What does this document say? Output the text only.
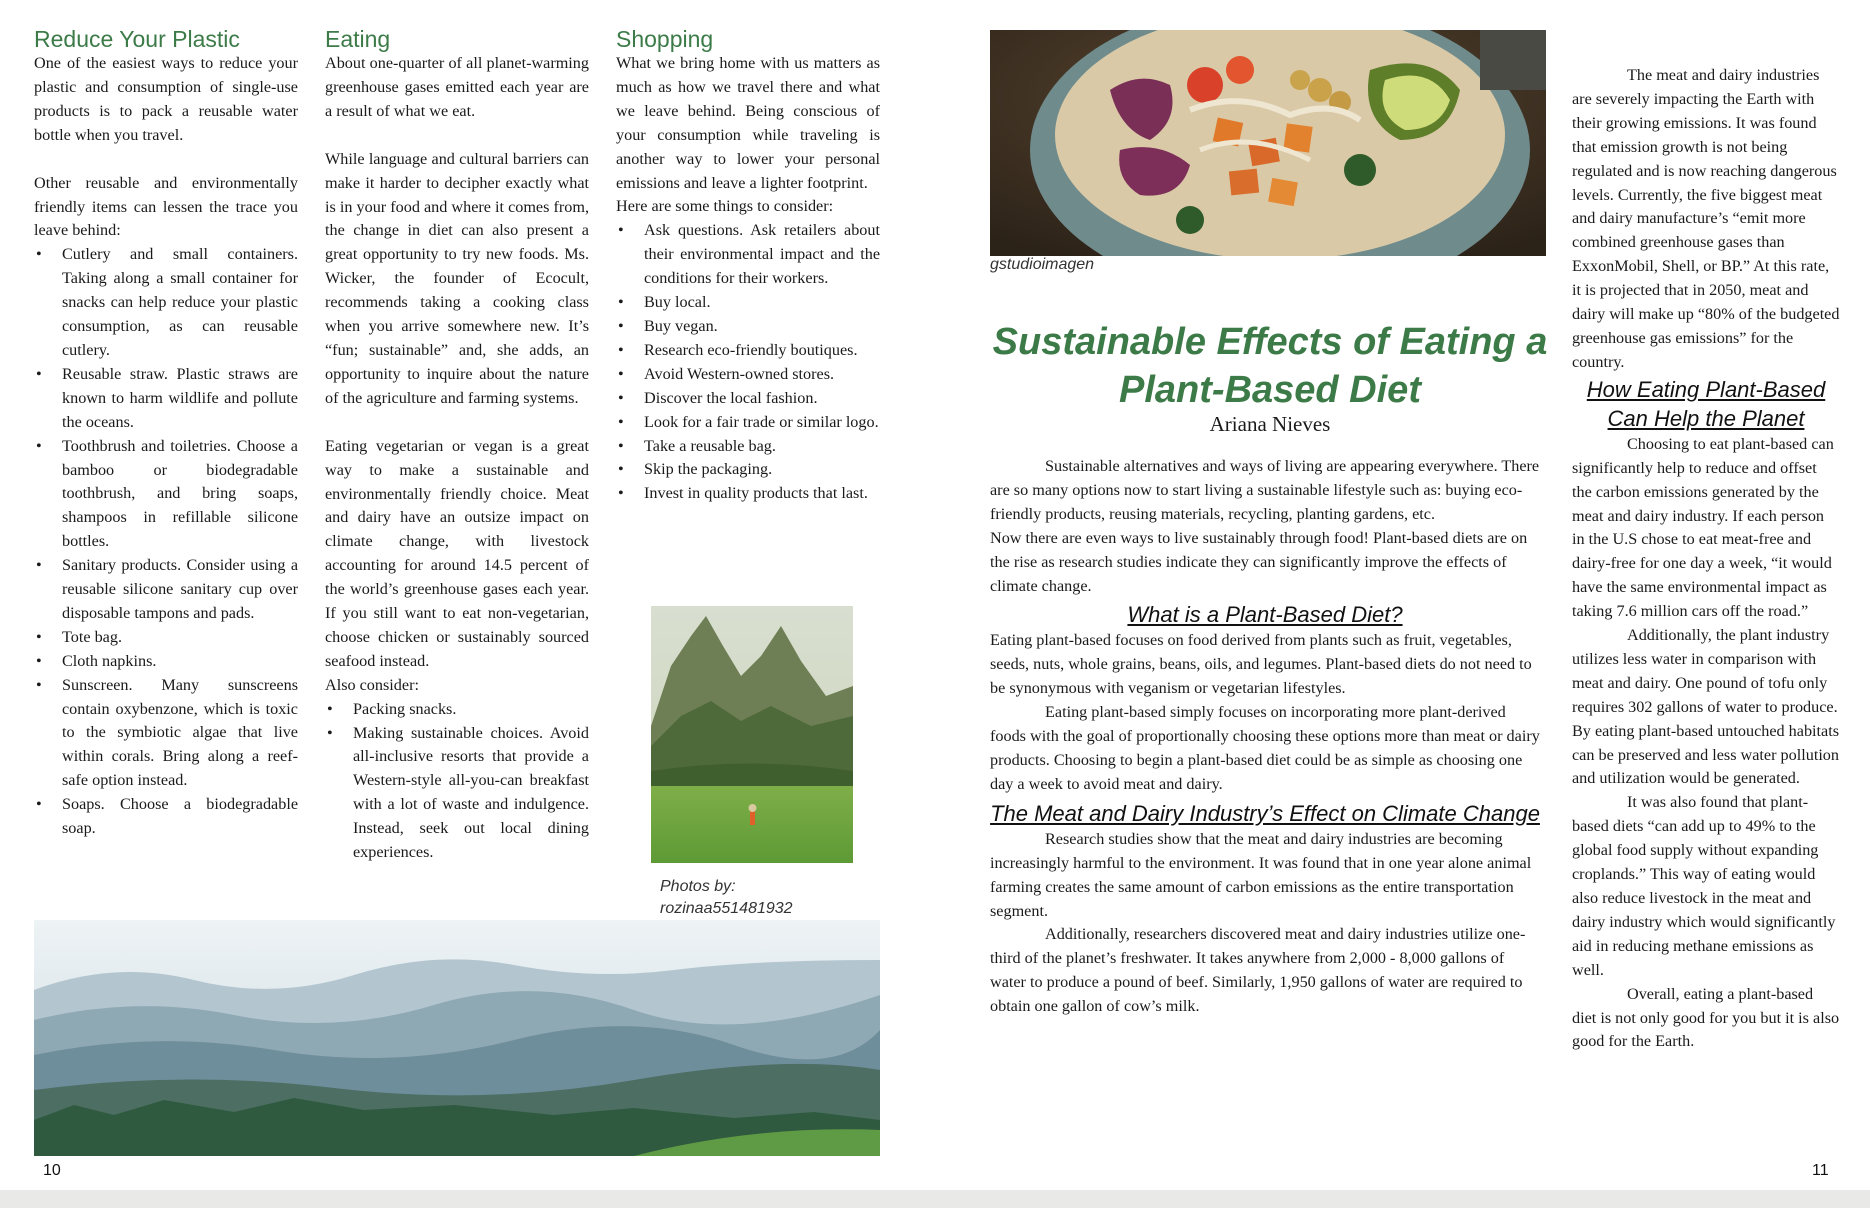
Reduce Your Plastic

One of the easiest ways to reduce your plastic and consumption of single-use products is to pack a reusable water bottle when you travel.

Other reusable and environmentally friendly items can lessen the trace you leave behind:

• Cutlery and small containers. Taking along a small container for snacks can help reduce your plastic consumption, as can reusable cutlery.
• Reusable straw. Plastic straws are known to harm wildlife and pollute the oceans.
• Toothbrush and toiletries. Choose a bamboo or biodegradable toothbrush, and bring soaps, shampoos in refillable silicone bottles.
• Sanitary products. Consider using a reusable silicone sanitary cup over disposable tampons and pads.
• Tote bag.
• Cloth napkins.
• Sunscreen. Many sunscreens contain oxybenzone, which is toxic to the symbiotic algae that live within corals. Bring along a reef-safe option instead.
• Soaps. Choose a biodegradable soap.
Eating

About one-quarter of all planet-warming greenhouse gases emitted each year are a result of what we eat.

While language and cultural barriers can make it harder to decipher exactly what is in your food and where it comes from, the change in diet can also present a great opportunity to try new foods. Ms. Wicker, the founder of Ecocult, recommends taking a cooking class when you arrive somewhere new. It’s “fun; sustainable” and, she adds, an opportunity to inquire about the nature of the agriculture and farming systems.

Eating vegetarian or vegan is a great way to make a sustainable and environmentally friendly choice. Meat and dairy have an outsize impact on climate change, with livestock accounting for around 14.5 percent of the world’s greenhouse gases each year. If you still want to eat non-vegetarian, choose chicken or sustainably sourced seafood instead.

Also consider:

• Packing snacks.
• Making sustainable choices. Avoid all-inclusive resorts that provide a Western-style all-you-can breakfast with a lot of waste and indulgence. Instead, seek out local dining experiences.
Shopping

What we bring home with us matters as much as how we travel there and what we leave behind. Being conscious of your consumption while traveling is another way to lower your personal emissions and leave a lighter footprint.

Here are some things to consider:

• Ask questions. Ask retailers about their environmental impact and the conditions for their workers.
• Buy local.
• Buy vegan.
• Research eco-friendly boutiques.
• Avoid Western-owned stores.
• Discover the local fashion.
• Look for a fair trade or similar logo.
• Take a reusable bag.
• Skip the packaging.
• Invest in quality products that last.
Photos by:
rozinaa551481932
10
gstudioimagen
Sustainable Effects of Eating a Plant-Based Diet
Ariana Nieves

Sustainable alternatives and ways of living are appearing everywhere. There are so many options now to start living a sustainable lifestyle such as: buying eco-friendly products, reusing materials, recycling, planting gardens, etc.

Now there are even ways to live sustainably through food! Plant-based diets are on the rise as research studies indicate they can significantly improve the effects of climate change.

What is a Plant-Based Diet?

Eating plant-based focuses on food derived from plants such as fruit, vegetables, seeds, nuts, whole grains, beans, oils, and legumes. Plant-based diets do not need to be synonymous with veganism or vegetarian lifestyles.

Eating plant-based simply focuses on incorporating more plant-derived foods with the goal of proportionally choosing these options more than meat or dairy products. Choosing to begin a plant-based diet could be as simple as choosing one day a week to avoid meat and dairy.

The Meat and Dairy Industry’s Effect on Climate Change

Research studies show that the meat and dairy industries are becoming increasingly harmful to the environment. It was found that in one year alone animal farming creates the same amount of carbon emissions as the entire transportation segment.

Additionally, researchers discovered meat and dairy industries utilize one-third of the planet’s freshwater. It takes anywhere from 2,000 - 8,000 gallons of water to produce a pound of beef. Similarly, 1,950 gallons of water are required to obtain one gallon of cow’s milk.

The meat and dairy industries are severely impacting the Earth with their growing emissions. It was found that emission growth is not being regulated and is now reaching dangerous levels. Currently, the five biggest meat and dairy manufacture’s “emit more combined greenhouse gases than ExxonMobil, Shell, or BP.” At this rate, it is projected that in 2050, meat and dairy will make up “80% of the budgeted greenhouse gas emissions” for the country.

How Eating Plant-Based Can Help the Planet

Choosing to eat plant-based can significantly help to reduce and offset the carbon emissions generated by the meat and dairy industry. If each person in the U.S chose to eat meat-free and dairy-free for one day a week, “it would have the same environmental impact as taking 7.6 million cars off the road.”

Additionally, the plant industry utilizes less water in comparison with meat and dairy. One pound of tofu only requires 302 gallons of water to produce. By eating plant-based untouched habitats can be preserved and less water pollution and utilization would be generated.

It was also found that plant-based diets “can add up to 49% to the global food supply without expanding croplands.” This way of eating would also reduce livestock in the meat and dairy industry which would significantly aid in reducing methane emissions as well.

Overall, eating a plant-based diet is not only good for you but it is also good for the Earth.

11
